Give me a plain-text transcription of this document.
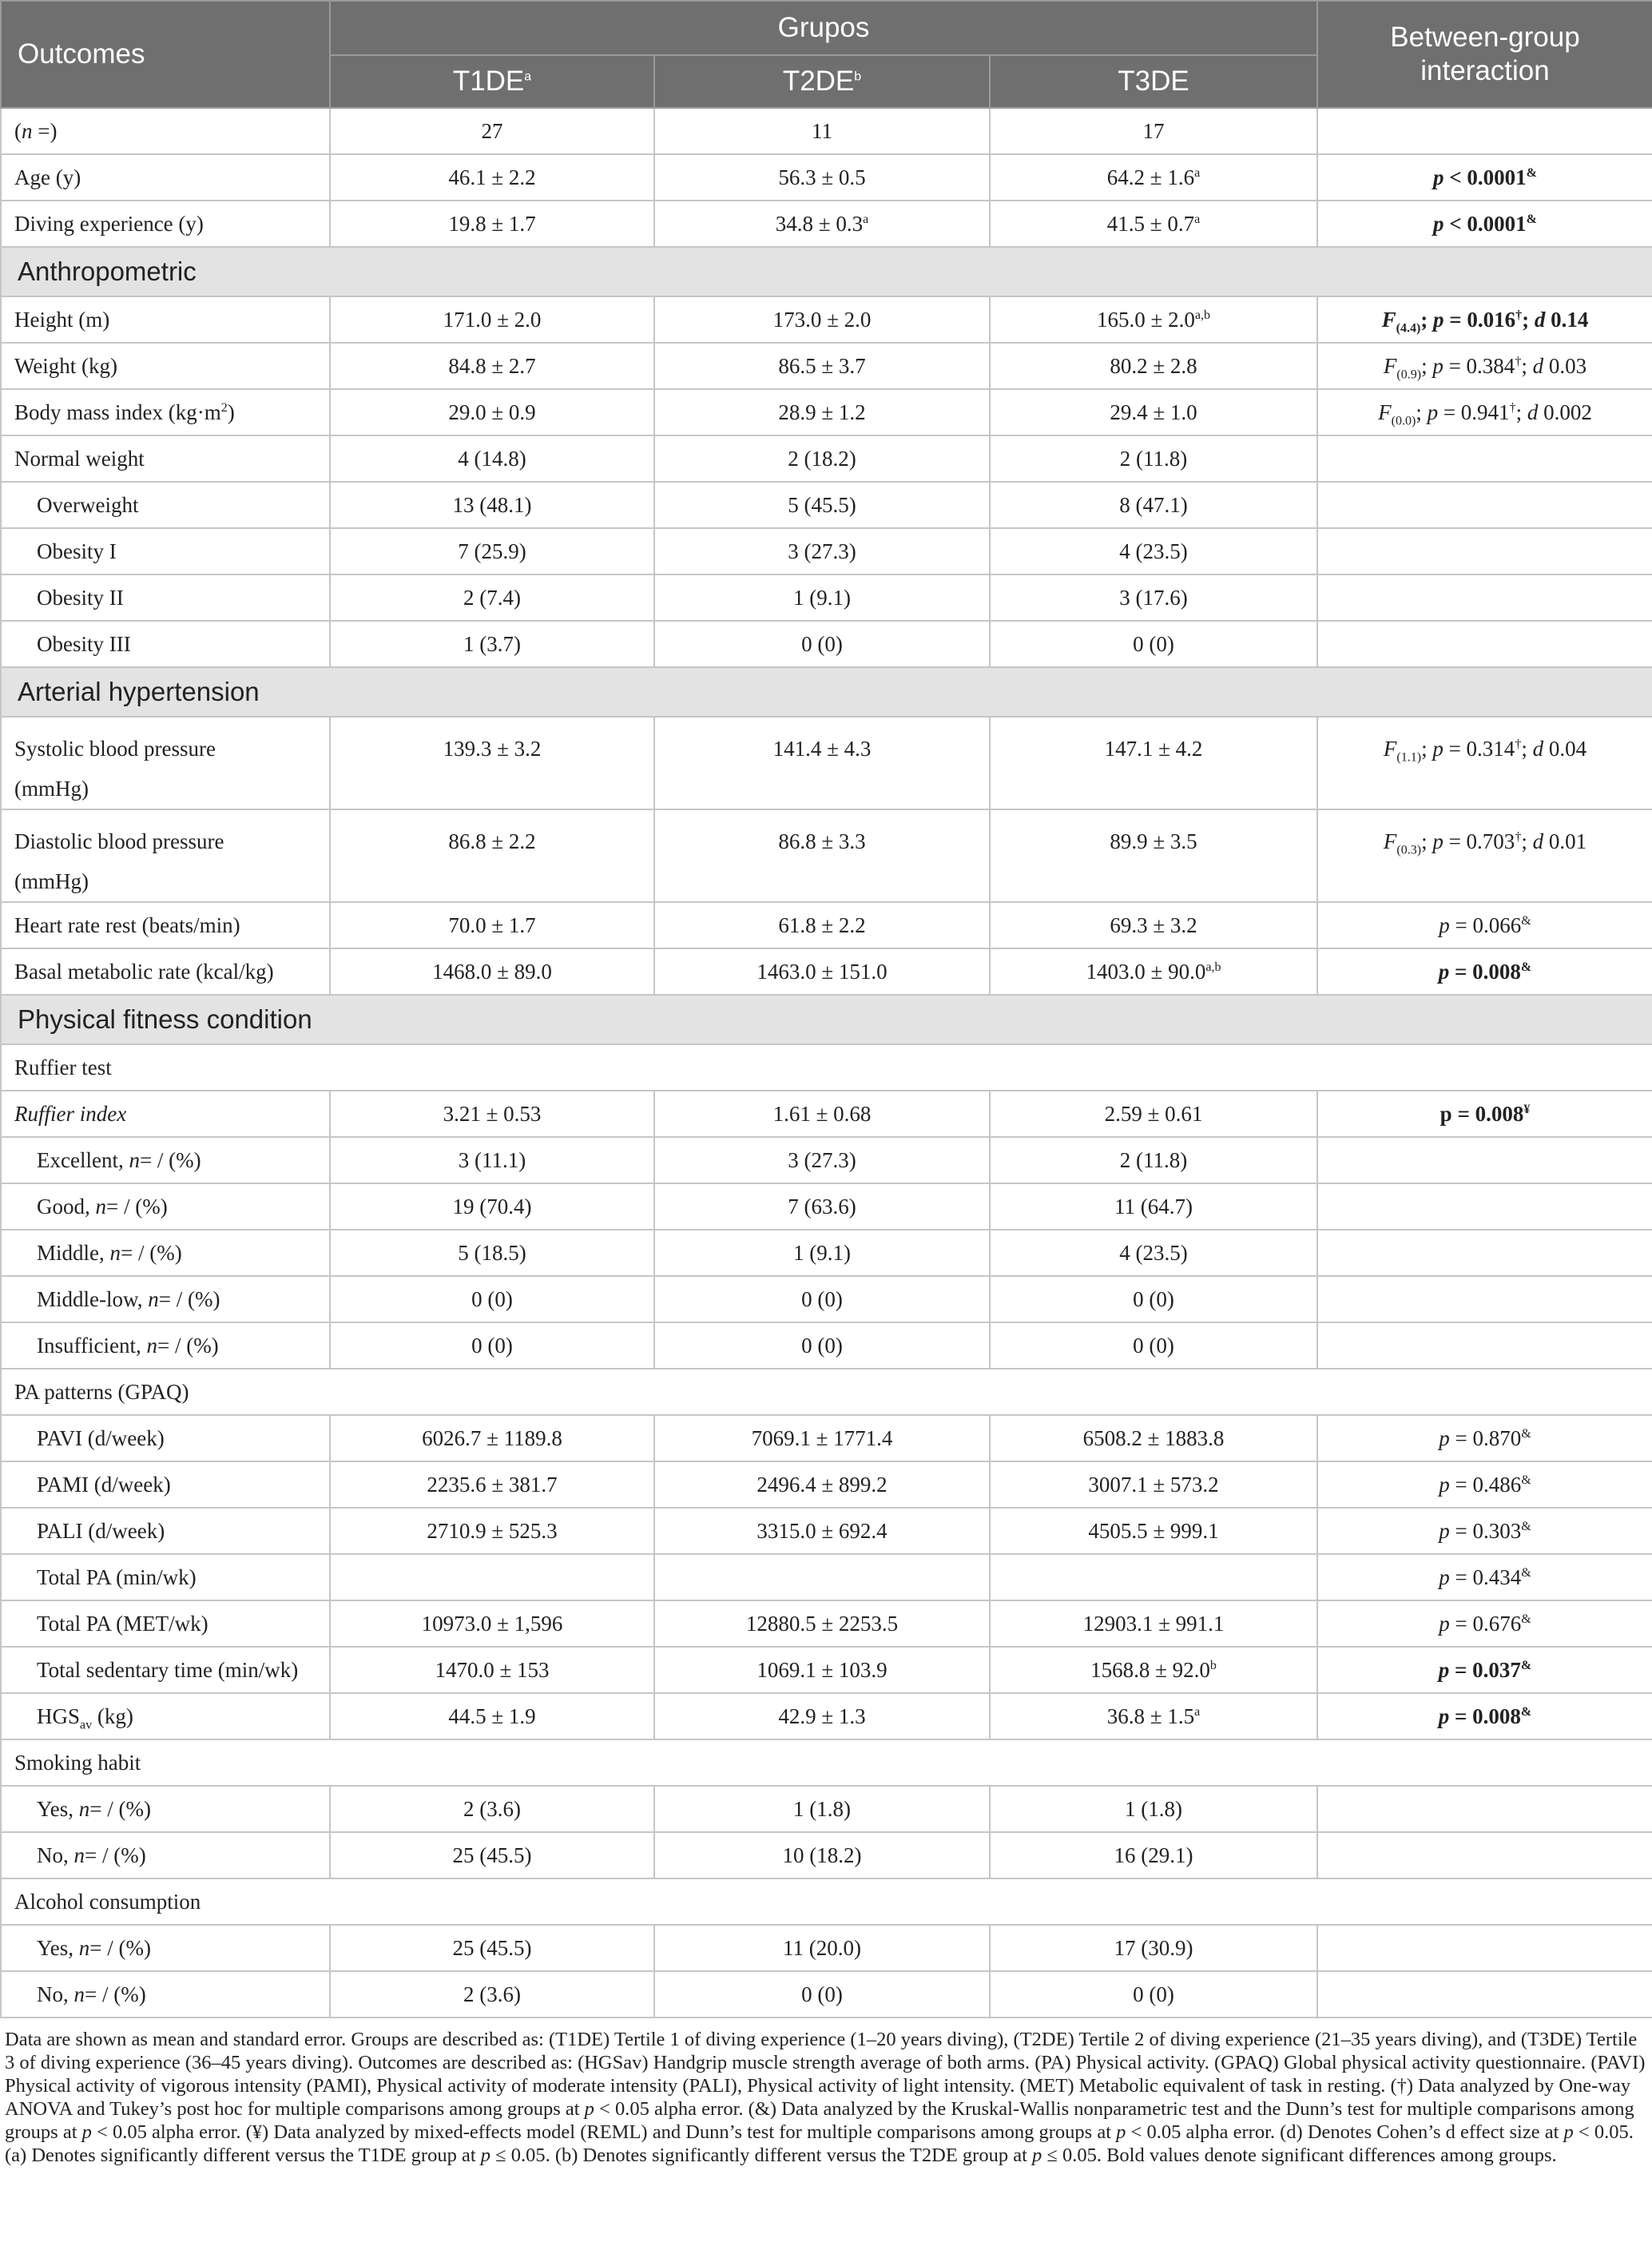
Outcomes	Grupos			Between-group interaction
	$T1DE^a$	$T2DE^b$	T3DE	
(n =)	27	11	17	
Age (y)	46.1 ± 2.2	56.3 ± 0.5	64.2 ± 1.6$^a$	p < 0.0001&
Diving experience (y)	19.8 ± 1.7	34.8 ± 0.3$^a$	41.5 ± 0.7$^a$	p < 0.0001&
Anthropometric				
Height (m)	171.0 ± 2.0	173.0 ± 2.0	$165.0 \pm 2.0^{a,b}$	$F_{(4.4)}$; p = 0.016†; d 0.14
Weight (kg)	84.8 ± 2.7	86.5 ± 3.7	80.2 ± 2.8	$F_{(0.9)}$; p = 0.384†; d 0.03
Body mass index $(kg\cdot m^2)$	29.0 ± 0.9	28.9 ± 1.2	29.4 ± 1.0	$F_{(0.0)}$; p = 0.941†; d 0.002
Normal weight	4 (14.8)	2 (18.2)	2 (11.8)	
Overweight	13 (48.1)	5 (45.5)	8 (47.1)	
Obesity I	7 (25.9)	3 (27.3)	4 (23.5)	
Obesity II	2 (7.4)	1 (9.1)	3 (17.6)	
Obesity III	1 (3.7)	0 (0)	0 (0)	
Arterial hypertension				
Systolic blood pressure
(mmHg)	139.3 ± 3.2	141.4 ± 4.3	147.1 ± 4.2	$F_{(1.1)}$; p = 0.314†; d 0.04
Diastolic blood pressure
(mmHg)	86.8 ± 2.2	86.8 ± 3.3	89.9 ± 3.5	$F_{(0.3)}$; p = 0.703†; d 0.01
Heart rate rest (beats/min)	70.0 ± 1.7	61.8 ± 2.2	69.3 ± 3.2	p = 0.066&
Basal metabolic rate (kcal/kg)	1468.0 ± 89.0	1463.0 ± 151.0	$1403.0 \pm 90.0^{a,b}$	p = 0.008&
Physical fitness condition				
Ruffier test				
Ruffier index	3.21 ± 0.53	1.61 ± 0.68	2.59 ± 0.61	p = 0.008¥
Excellent, n= / (%)	3 (11.1)	3 (27.3)	2 (11.8)	
Good, n= / (%)	19 (70.4)	7 (63.6)	11 (64.7)	
Middle, n= / (%)	5 (18.5)	1 (9.1)	4 (23.5)	
Middle-low, n= / (%)	0 (0)	0 (0)	0 (0)	
Insufficient, n= / (%)	0 (0)	0 (0)	0 (0)	
PA patterns (GPAQ)				
PAVI (d/week)	6026.7 ± 1189.8	7069.1 ± 1771.4	6508.2 ± 1883.8	p = 0.870&
PAMI (d/week)	2235.6 ± 381.7	2496.4 ± 899.2	3007.1 ± 573.2	p = 0.486&
PALI (d/week)	2710.9 ± 525.3	3315.0 ± 692.4	4505.5 ± 999.1	p = 0.303&
Total PA (min/wk)				p = 0.434&
Total PA (MET/wk)	10973.0 ± 1,596	12880.5 ± 2253.5	12903.1 ± 991.1	p = 0.676&
Total sedentary time (min/wk)	1470.0 ± 153	1069.1 ± 103.9	1568.8 ± 92.0$^b$	p = 0.037&
$HGS_{av}$ (kg)	44.5 ± 1.9	42.9 ± 1.3	36.8 ± 1.5$^a$	p = 0.008&
Smoking habit				
Yes, n= / (%)	2 (3.6)	1 (1.8)	1 (1.8)	
No, n= / (%)	25 (45.5)	10 (18.2)	16 (29.1)	
Alcohol consumption				
Yes, n= / (%)	25 (45.5)	11 (20.0)	17 (30.9)	
No, n= / (%)	2 (3.6)	0 (0)	0 (0)	
Data are shown as mean and standard error. Groups are described as: (T1DE) Tertile 1 of diving experience (1–20 years diving), (T2DE) Tertile 2 of diving experience (21–35 years diving), and (T3DE) Tertile 3 of diving experience (36–45 years diving). Outcomes are described as: (HGSav) Handgrip muscle strength average of both arms. (PA) Physical activity. (GPAQ) Global physical activity questionnaire. (PAVI) Physical activity of vigorous intensity (PAMI), Physical activity of moderate intensity (PALI), Physical activity of light intensity. (MET) Metabolic equivalent of task in resting. (†) Data analyzed by One-way ANOVA and Tukey’s post hoc for multiple comparisons among groups at p < 0.05 alpha error. (&) Data analyzed by the Kruskal-Wallis nonparametric test and the Dunn’s test for multiple comparisons among groups at p < 0.05 alpha error. (¥) Data analyzed by mixed-effects model (REML) and Dunn’s test for multiple comparisons among groups at p < 0.05 alpha error. (d) Denotes Cohen’s d effect size at p < 0.05. (a) Denotes significantly different versus the T1DE group at p ≤ 0.05. (b) Denotes significantly different versus the T2DE group at p ≤ 0.05. Bold values denote significant differences among groups.
